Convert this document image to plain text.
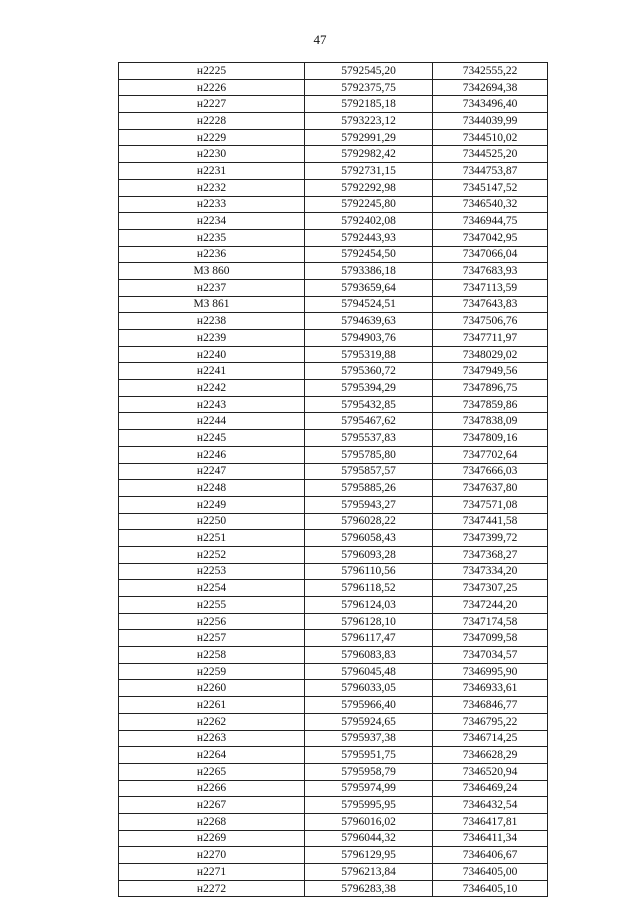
47
н2225	5792545,20	7342555,22
н2226	5792375,75	7342694,38
н2227	5792185,18	7343496,40
н2228	5793223,12	7344039,99
н2229	5792991,29	7344510,02
н2230	5792982,42	7344525,20
н2231	5792731,15	7344753,87
н2232	5792292,98	7345147,52
н2233	5792245,80	7346540,32
н2234	5792402,08	7346944,75
н2235	5792443,93	7347042,95
н2236	5792454,50	7347066,04
МЗ 860	5793386,18	7347683,93
н2237	5793659,64	7347113,59
МЗ 861	5794524,51	7347643,83
н2238	5794639,63	7347506,76
н2239	5794903,76	7347711,97
н2240	5795319,88	7348029,02
н2241	5795360,72	7347949,56
н2242	5795394,29	7347896,75
н2243	5795432,85	7347859,86
н2244	5795467,62	7347838,09
н2245	5795537,83	7347809,16
н2246	5795785,80	7347702,64
н2247	5795857,57	7347666,03
н2248	5795885,26	7347637,80
н2249	5795943,27	7347571,08
н2250	5796028,22	7347441,58
н2251	5796058,43	7347399,72
н2252	5796093,28	7347368,27
н2253	5796110,56	7347334,20
н2254	5796118,52	7347307,25
н2255	5796124,03	7347244,20
н2256	5796128,10	7347174,58
н2257	5796117,47	7347099,58
н2258	5796083,83	7347034,57
н2259	5796045,48	7346995,90
н2260	5796033,05	7346933,61
н2261	5795966,40	7346846,77
н2262	5795924,65	7346795,22
н2263	5795937,38	7346714,25
н2264	5795951,75	7346628,29
н2265	5795958,79	7346520,94
н2266	5795974,99	7346469,24
н2267	5795995,95	7346432,54
н2268	5796016,02	7346417,81
н2269	5796044,32	7346411,34
н2270	5796129,95	7346406,67
н2271	5796213,84	7346405,00
н2272	5796283,38	7346405,10
